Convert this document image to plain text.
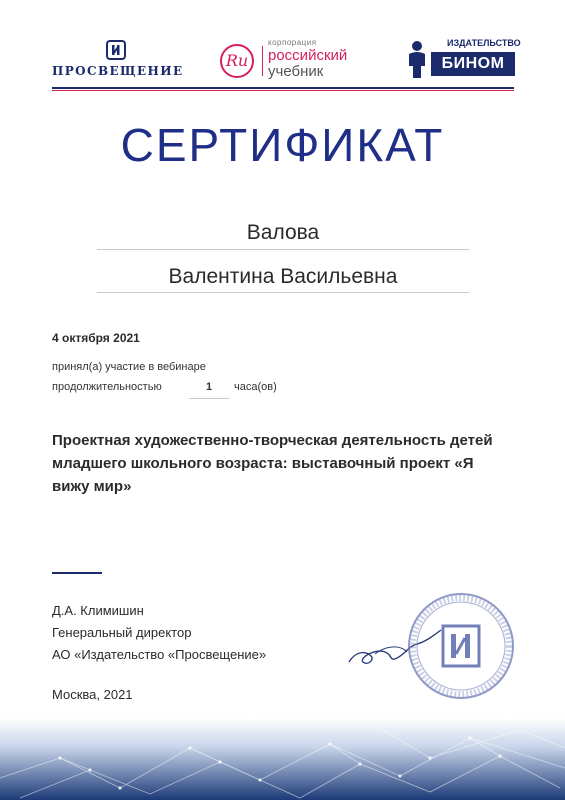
ПРОСВЕЩЕНИЕ
Ru
корпорация
российский
учебник
ИЗДАТЕЛЬСТВО
БИНОМ
СЕРТИФИКАТ
Валова
Валентина Васильевна
4 октября 2021
принял(а) участие в вебинаре
продолжительностью	1	часа(ов)
Проектная художественно-творческая деятельность детей младшего школьного возраста: выставочный проект «Я вижу мир»
Д.А. Климишин
Генеральный директор
АО «Издательство «Просвещение»
Москва, 2021
